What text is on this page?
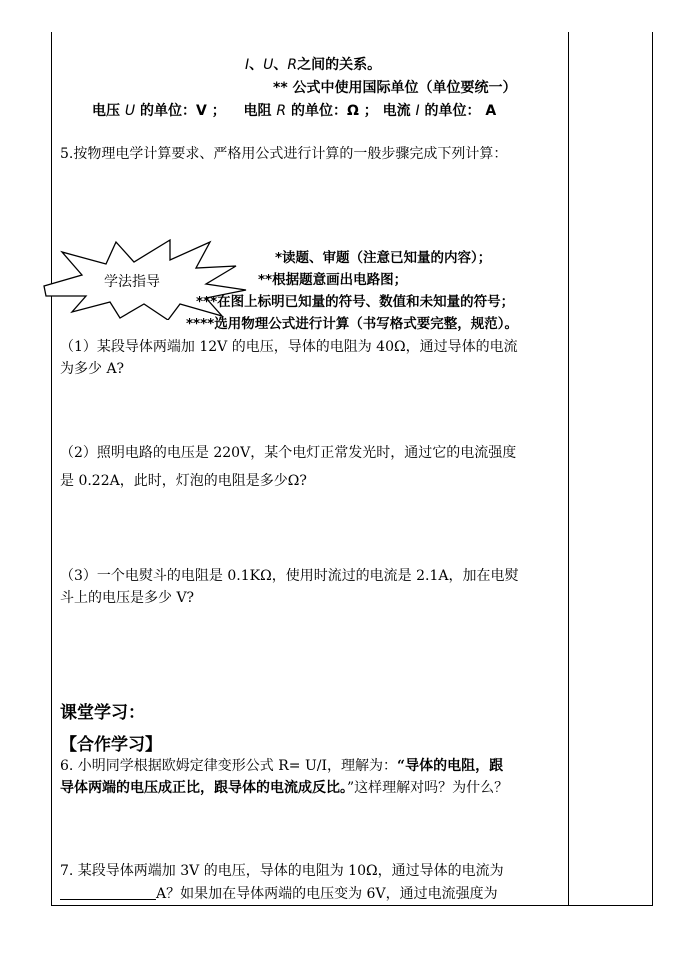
I、U、R之间的关系。
** 公式中使用国际单位（单位要统一）
电压 U 的单位：V ； 电阻 R 的单位：Ω ； 电流 I 的单位： A
5.按物理电学计算要求、严格用公式进行计算的一般步骤完成下列计算：
学法指导
*读题、审题（注意已知量的内容）；
**根据题意画出电路图；
***在图上标明已知量的符号、数值和未知量的符号；
****选用物理公式进行计算（书写格式要完整，规范）。
（1）某段导体两端加 12V 的电压，导体的电阻为 40Ω，通过导体的电流
为多少 A?
（2）照明电路的电压是 220V，某个电灯正常发光时，通过它的电流强度
是 0.22A，此时，灯泡的电阻是多少Ω?
（3）一个电熨斗的电阻是 0.1KΩ，使用时流过的电流是 2.1A，加在电熨
斗上的电压是多少 V?
课堂学习：
【合作学习】
6. 小明同学根据欧姆定律变形公式 R= U/I，理解为：“导体的电阻，跟
导体两端的电压成正比，跟导体的电流成反比。”这样理解对吗？为什么？
7. 某段导体两端加 3V 的电压，导体的电阻为 10Ω，通过导体的电流为
A？如果加在导体两端的电压变为 6V，通过电流强度为
